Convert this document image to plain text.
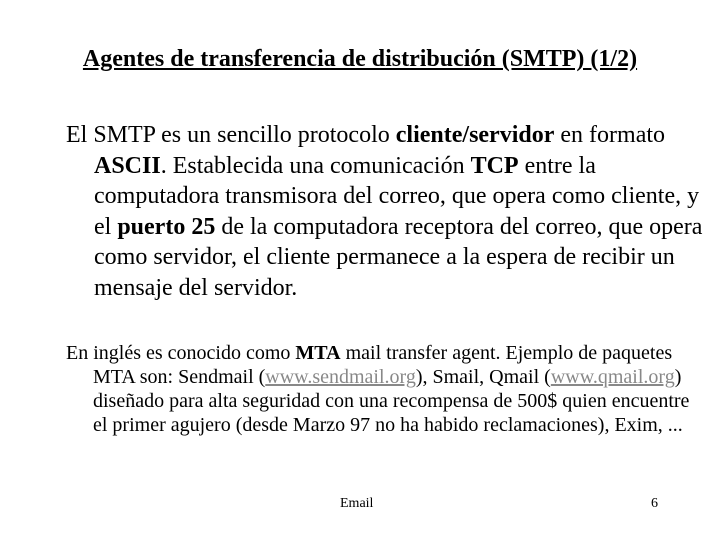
Agentes de transferencia de distribución (SMTP) (1/2)

El SMTP es un sencillo protocolo cliente/servidor en formato ASCII. Establecida una comunicación TCP entre la computadora transmisora del correo, que opera como cliente, y el puerto 25 de la computadora receptora del correo, que opera como servidor, el cliente permanece a la espera de recibir un mensaje del servidor.

En inglés es conocido como MTA mail transfer agent. Ejemplo de paquetes MTA son: Sendmail (www.sendmail.org), Smail, Qmail (www.qmail.org) diseñado para alta seguridad con una recompensa de 500$ quien encuentre el primer agujero (desde Marzo 97 no ha habido reclamaciones), Exim, ...

Email	6
